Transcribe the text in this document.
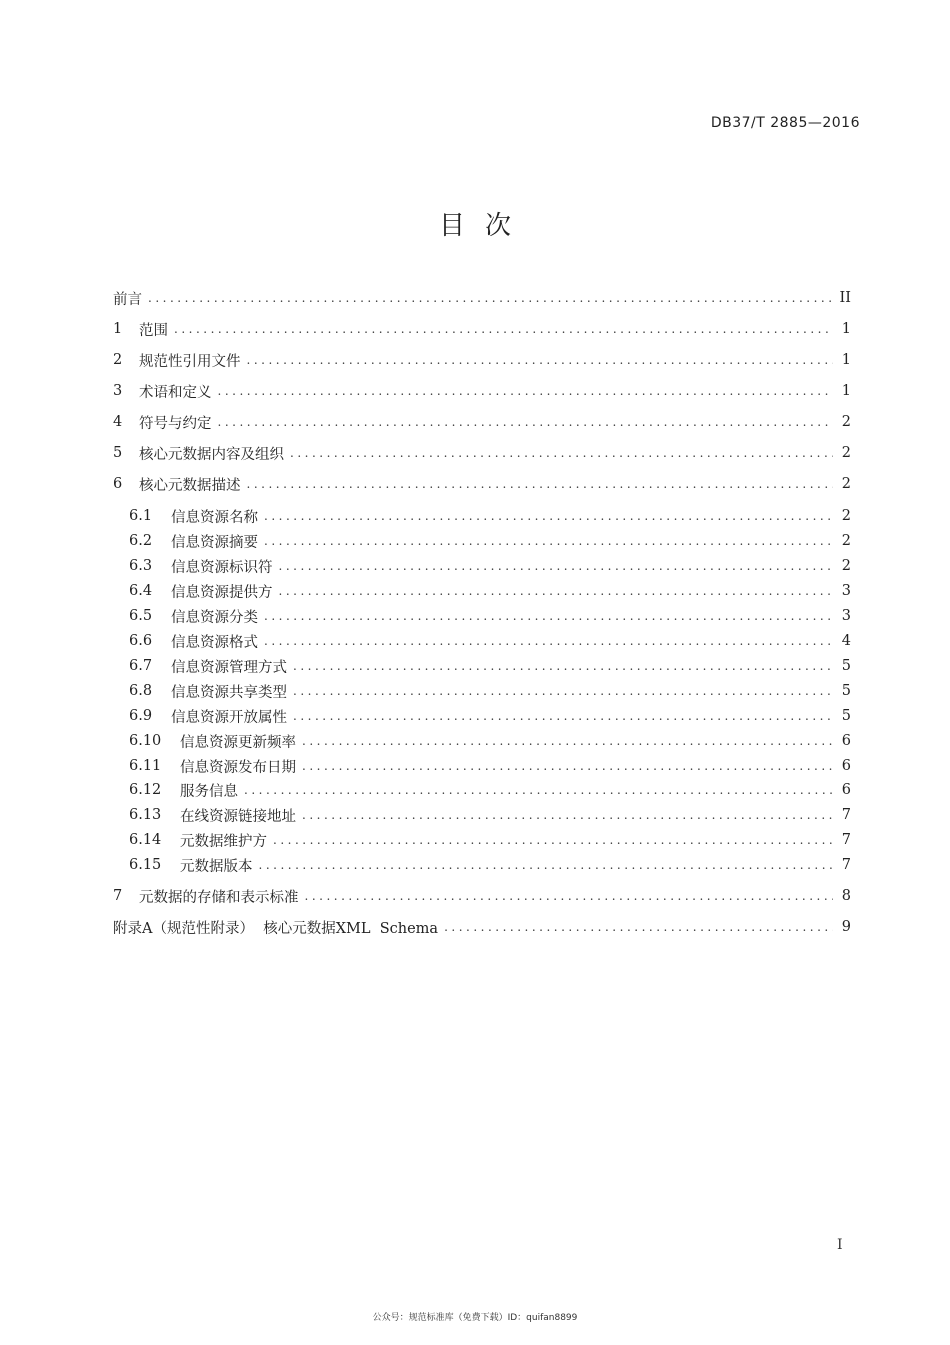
DB37/T 2885—2016
目次
前言 .....	II
1	范围 .....	1
2	规范性引用文件 .....	1
3	术语和定义 .....	1
4	符号与约定 .....	2
5	核心元数据内容及组织 .....	2
6	核心元数据描述 .....	2
6.1	信息资源名称 .....	2
6.2	信息资源摘要 .....	2
6.3	信息资源标识符 .....	2
6.4	信息资源提供方 .....	3
6.5	信息资源分类 .....	3
6.6	信息资源格式 .....	4
6.7	信息资源管理方式 .....	5
6.8	信息资源共享类型 .....	5
6.9	信息资源开放属性 .....	5
6.10	信息资源更新频率 .....	6
6.11	信息资源发布日期 .....	6
6.12	服务信息 .....	6
6.13	在线资源链接地址 .....	7
6.14	元数据维护方 .....	7
6.15	元数据版本 .....	7
7	元数据的存储和表示标准 .....	8
附录A（规范性附录）  核心元数据XML  Schema .....	9
I
公众号：规范标准库（免费下载）ID：quifan8899
